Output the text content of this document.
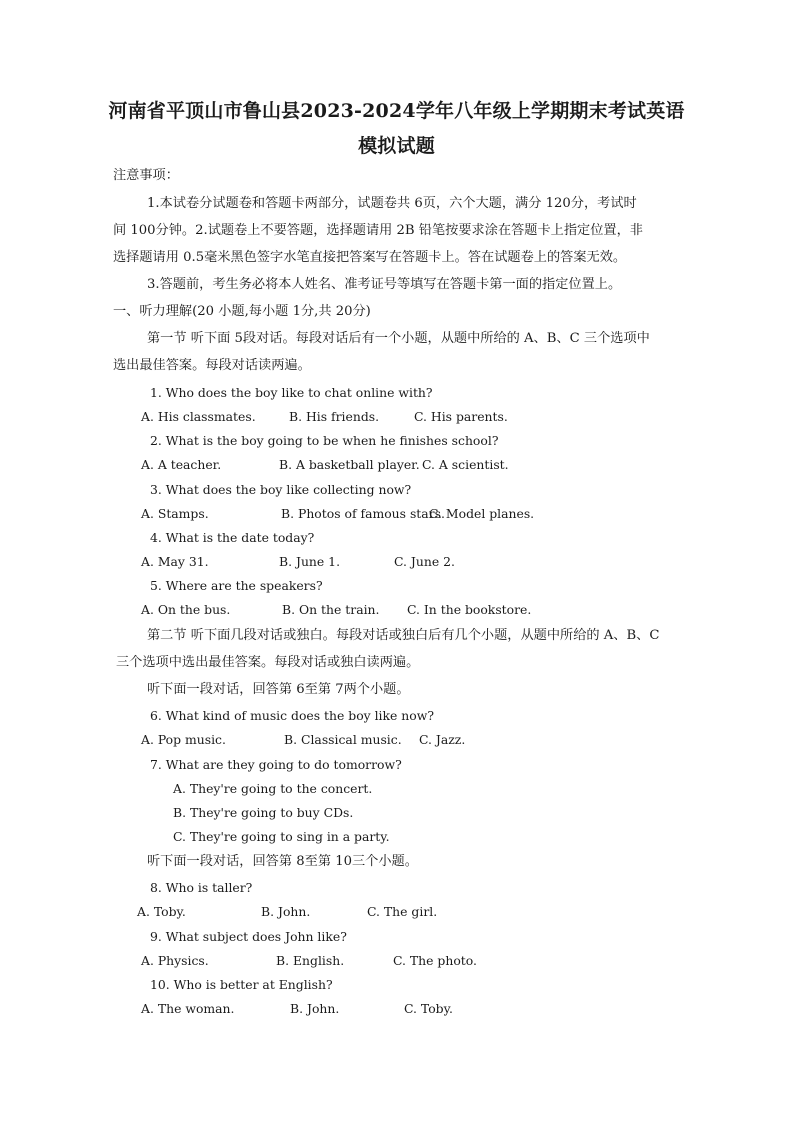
河南省平顶山市鲁山县2023-2024学年八年级上学期期末考试英语
模拟试题
注意事项：
1.本试卷分试题卷和答题卡两部分，试题卷共 6页，六个大题，满分 120分，考试时
间 100分钟。2.试题卷上不要答题，选择题请用 2B 铅笔按要求涂在答题卡上指定位置，非
选择题请用 0.5毫米黑色签字水笔直接把答案写在答题卡上。答在试题卷上的答案无效。
3.答题前，考生务必将本人姓名、准考证号等填写在答题卡第一面的指定位置上。
一、听力理解(20 小题,每小题 1分,共 20分)
第一节 听下面 5段对话。每段对话后有一个小题，从题中所给的 A、B、C 三个选项中
选出最佳答案。每段对话读两遍。
1. Who does the boy like to chat online with?
A. His classmates.	B. His friends.	C. His parents.
2. What is the boy going to be when he finishes school?
A. A teacher.	B. A basketball player. C. A scientist.
3. What does the boy like collecting now?
A. Stamps.	B. Photos of famous stars.
C. Model planes.
4. What is the date today?
A. May 31.	B. June 1.	C. June 2.
5. Where are the speakers?
A. On the bus.	B. On the train. C. In the bookstore.
第二节 听下面几段对话或独白。每段对话或独白后有几个小题，从题中所给的 A、B、C
三个选项中选出最佳答案。每段对话或独白读两遍。
听下面一段对话，回答第 6至第 7两个小题。
6. What kind of music does the boy like now?
A. Pop music.	B. Classical music. C. Jazz.
7. What are they going to do tomorrow?
A. They're going to the concert.
B. They're going to buy CDs.
C. They're going to sing in a party.
听下面一段对话，回答第 8至第 10三个小题。
8. Who is taller?
A. Toby.	B. John.	C. The girl.
9. What subject does John like?
A. Physics.	B. English.	C. The photo.
10. Who is better at English?
A. The woman.	B. John.	C. Toby.
